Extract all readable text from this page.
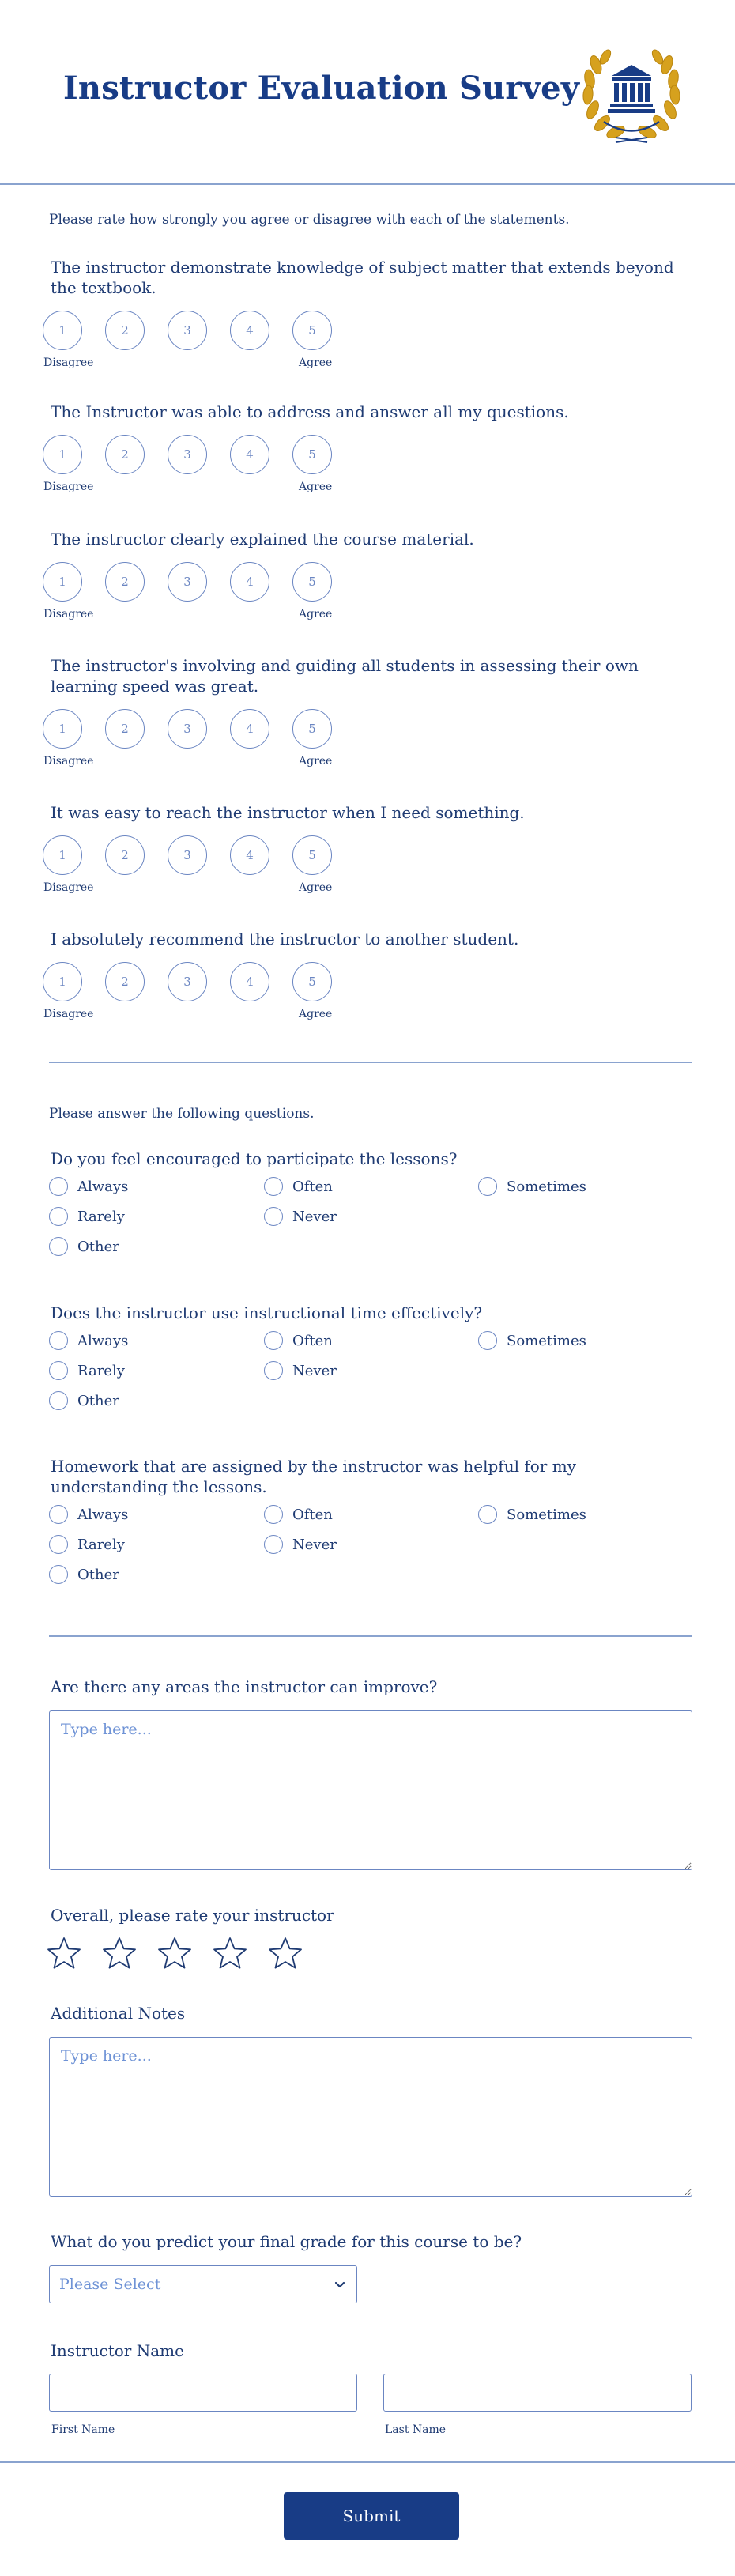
Instructor Evaluation Survey
Please rate how strongly you agree or disagree with each of the statements.
The instructor demonstrate knowledge of subject matter that extends beyond the textbook.
1	2	3	4	5
Disagree	Agree
The Instructor was able to address and answer all my questions.
1	2	3	4	5
Disagree	Agree
The instructor clearly explained the course material.
1	2	3	4	5
Disagree	Agree
The instructor's involving and guiding all students in assessing their own learning speed was great.
1	2	3	4	5
Disagree	Agree
It was easy to reach the instructor when I need something.
1	2	3	4	5
Disagree	Agree
I absolutely recommend the instructor to another student.
1	2	3	4	5
Disagree	Agree
Please answer the following questions.
Do you feel encouraged to participate the lessons?
Always	Often	Sometimes
Rarely	Never
Other
Does the instructor use instructional time effectively?
Always	Often	Sometimes
Rarely	Never
Other
Homework that are assigned by the instructor was helpful for my understanding the lessons.
Always	Often	Sometimes
Rarely	Never
Other
Are there any areas the instructor can improve?
Type here...
Overall, please rate your instructor
Additional Notes
Type here...
What do you predict your final grade for this course to be?
Please Select
Instructor Name
First Name	Last Name
Submit
